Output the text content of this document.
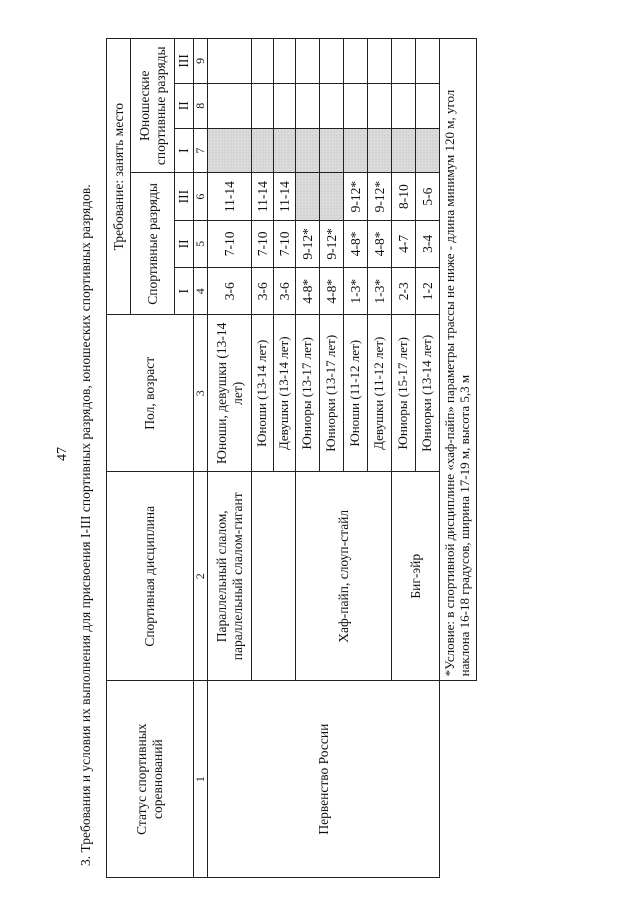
47 3. Требования и условия их выполнения для присвоения I-III спортивных разрядов, юношеских спортивных разрядов.	Статус спортивных соревнований	Спортивная дисциплина	Пол, возраст	Требование: занять место					
			Спортивные разряды			Юношеские спортивные разряды		
			I	II	III	I	II	III
1	2	3	4	5	6	7	8	9
Первенство России	Параллельный слалом, параллельный слалом-гигант	Юноши, девушки (13-14 лет)	3-6	7-10	11-14			
		Юноши (13-14 лет)	3-6	7-10	11-14			
		Девушки (13-14 лет)	3-6	7-10	11-14			
	Хаф-пайп, слоуп-стайл	Юниоры (13-17 лет)	4-8*	9-12*				
		Юниорки (13-17 лет)	4-8*	9-12*				
		Юноши (11-12 лет)	1-3*	4-8*	9-12*			
		Девушки (11-12 лет)	1-3*	4-8*	9-12*			
	Биг-эйр	Юниоры (15-17 лет)	2-3	4-7	8-10			
		Юниорки (13-14 лет)	1-2	3-4	5-6			
	*Условие: в спортивной дисциплине «хаф-пайп» параметры трассы не ниже - длина минимум 120 м, угол наклона 16-18 градусов, ширина 17-19 м, высота 5,3 м							
